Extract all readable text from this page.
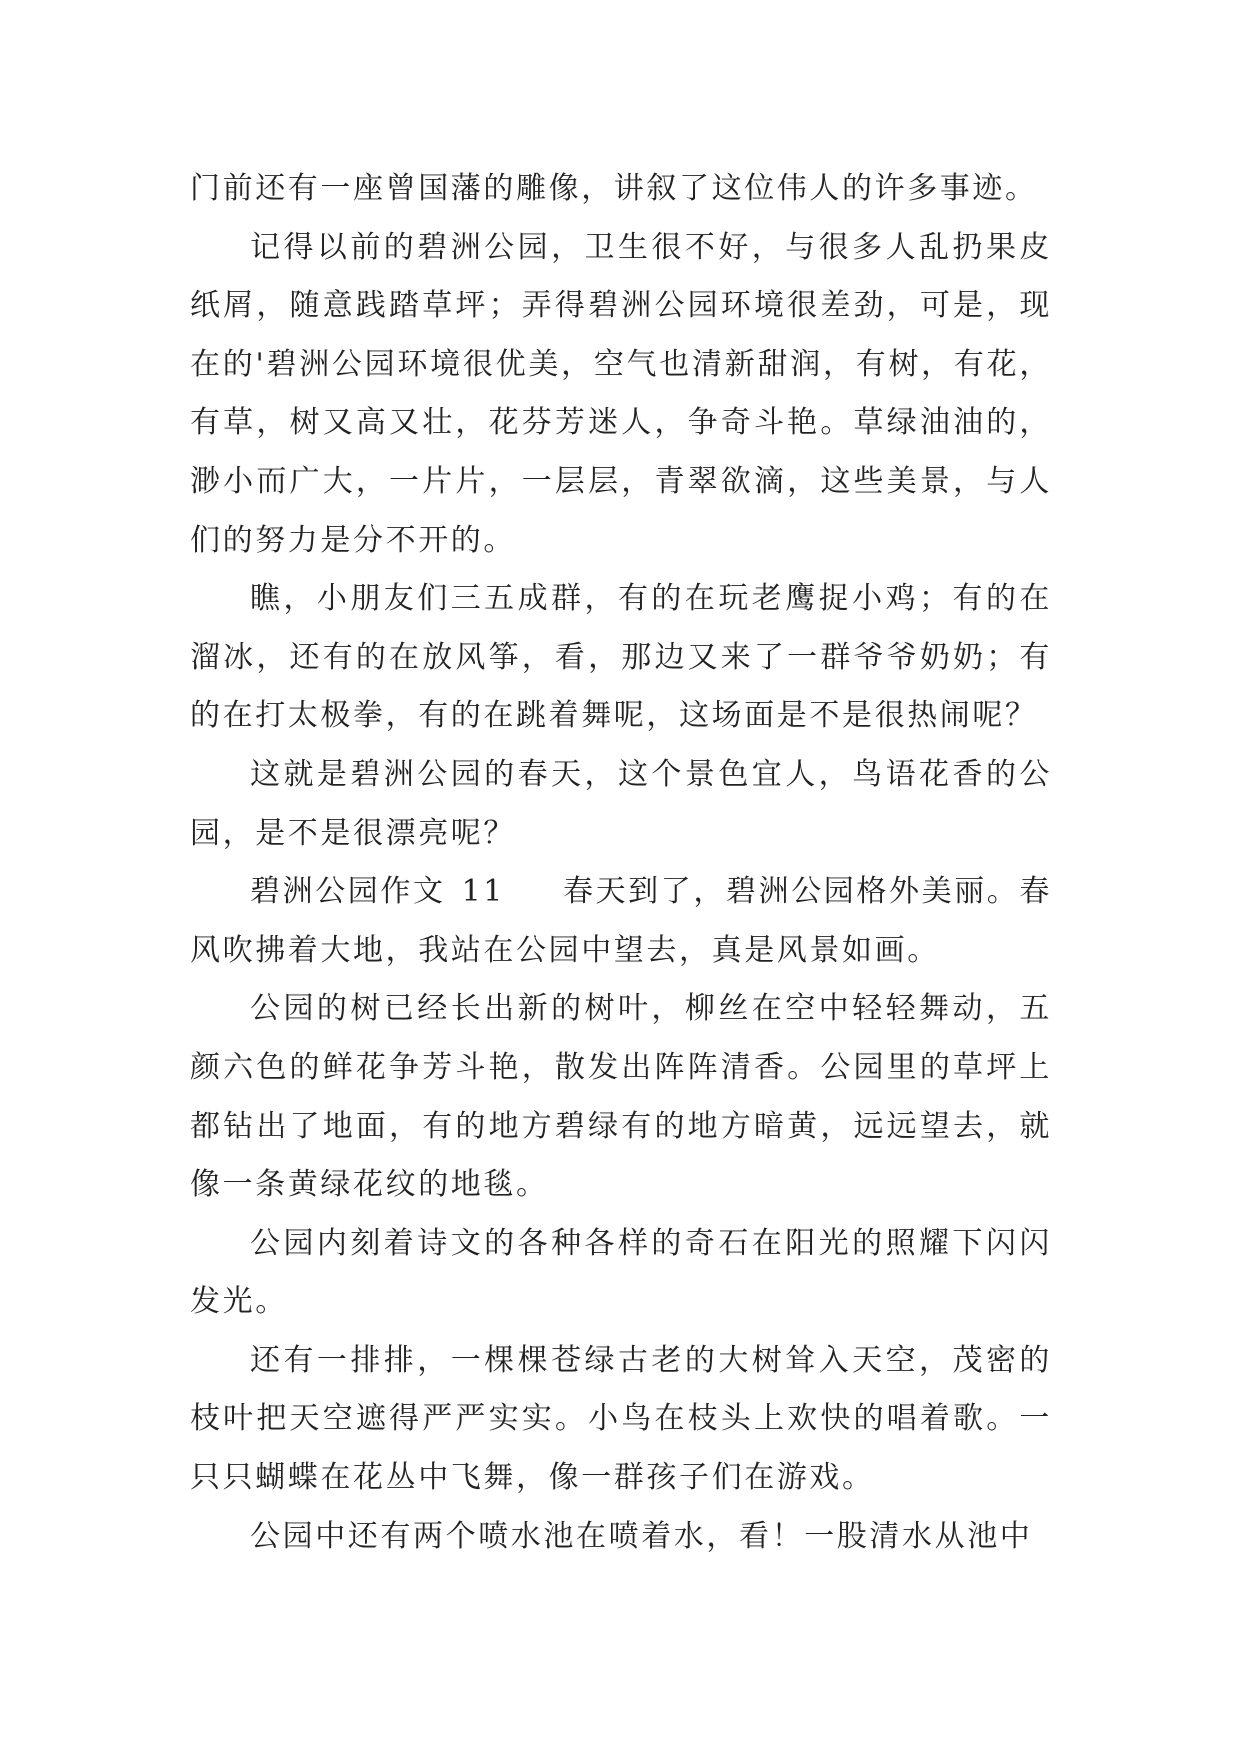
门前还有一座曾国藩的雕像，讲叙了这位伟人的许多事迹。

记得以前的碧洲公园，卫生很不好，与很多人乱扔果皮纸屑，随意践踏草坪；弄得碧洲公园环境很差劲，可是，现在的'碧洲公园环境很优美，空气也清新甜润，有树，有花，有草，树又高又壮，花芬芳迷人，争奇斗艳。草绿油油的，渺小而广大，一片片，一层层，青翠欲滴，这些美景，与人们的努力是分不开的。

瞧，小朋友们三五成群，有的在玩老鹰捉小鸡；有的在溜冰，还有的在放风筝，看，那边又来了一群爷爷奶奶；有的在打太极拳，有的在跳着舞呢，这场面是不是很热闹呢？

这就是碧洲公园的春天，这个景色宜人，鸟语花香的公园，是不是很漂亮呢？

碧洲公园作文 11 春天到了，碧洲公园格外美丽。春风吹拂着大地，我站在公园中望去，真是风景如画。

公园的树已经长出新的树叶，柳丝在空中轻轻舞动，五颜六色的鲜花争芳斗艳，散发出阵阵清香。公园里的草坪上都钻出了地面，有的地方碧绿有的地方暗黄，远远望去，就像一条黄绿花纹的地毯。

公园内刻着诗文的各种各样的奇石在阳光的照耀下闪闪发光。

还有一排排，一棵棵苍绿古老的大树耸入天空，茂密的枝叶把天空遮得严严实实。小鸟在枝头上欢快的唱着歌。一只只蝴蝶在花丛中飞舞，像一群孩子们在游戏。

公园中还有两个喷水池在喷着水，看！一股清水从池中
